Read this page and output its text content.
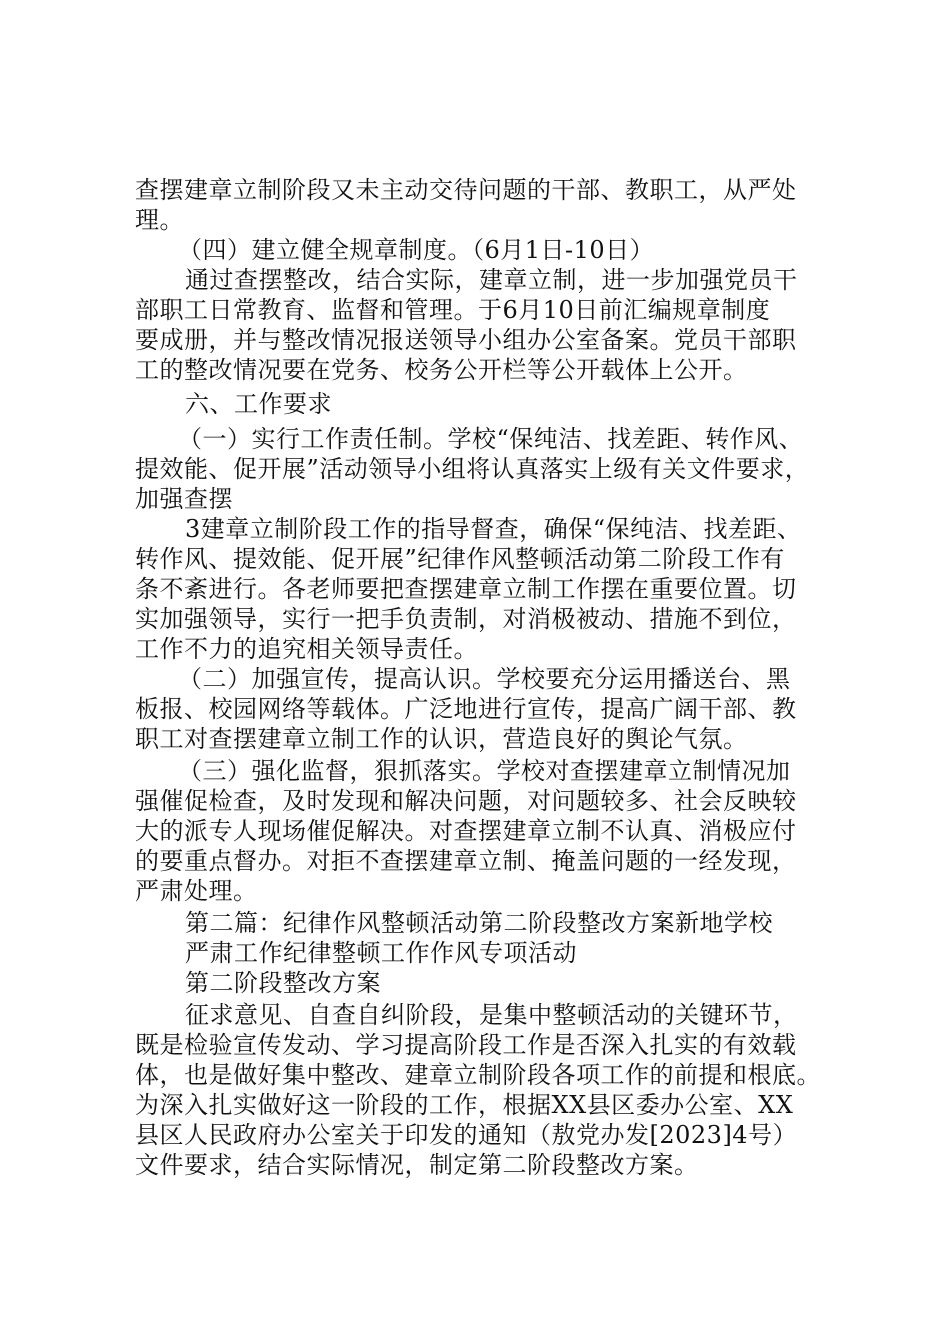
查摆建章立制阶段又未主动交待问题的干部、教职工，从严处
理。
（四）建立健全规章制度。（6月1日-10日）
通过查摆整改，结合实际，建章立制，进一步加强党员干
部职工日常教育、监督和管理。于6月10日前汇编规章制度
要成册，并与整改情况报送领导小组办公室备案。党员干部职
工的整改情况要在党务、校务公开栏等公开载体上公开。
六、工作要求
（一）实行工作责任制。学校“保纯洁、找差距、转作风、
提效能、促开展”活动领导小组将认真落实上级有关文件要求，
加强查摆
3建章立制阶段工作的指导督查，确保“保纯洁、找差距、
转作风、提效能、促开展”纪律作风整顿活动第二阶段工作有
条不紊进行。各老师要把查摆建章立制工作摆在重要位置。切
实加强领导，实行一把手负责制，对消极被动、措施不到位，
工作不力的追究相关领导责任。
（二）加强宣传，提高认识。学校要充分运用播送台、黑
板报、校园网络等载体。广泛地进行宣传，提高广阔干部、教
职工对查摆建章立制工作的认识，营造良好的舆论气氛。
（三）强化监督，狠抓落实。学校对查摆建章立制情况加
强催促检查，及时发现和解决问题，对问题较多、社会反映较
大的派专人现场催促解决。对查摆建章立制不认真、消极应付
的要重点督办。对拒不查摆建章立制、掩盖问题的一经发现，
严肃处理。
第二篇：纪律作风整顿活动第二阶段整改方案新地学校
严肃工作纪律整顿工作作风专项活动
第二阶段整改方案
征求意见、自查自纠阶段，是集中整顿活动的关键环节，
既是检验宣传发动、学习提高阶段工作是否深入扎实的有效载
体，也是做好集中整改、建章立制阶段各项工作的前提和根底。
为深入扎实做好这一阶段的工作，根据XX县区委办公室、XX
县区人民政府办公室关于印发的通知（敖党办发[2023]4号）
文件要求，结合实际情况，制定第二阶段整改方案。
